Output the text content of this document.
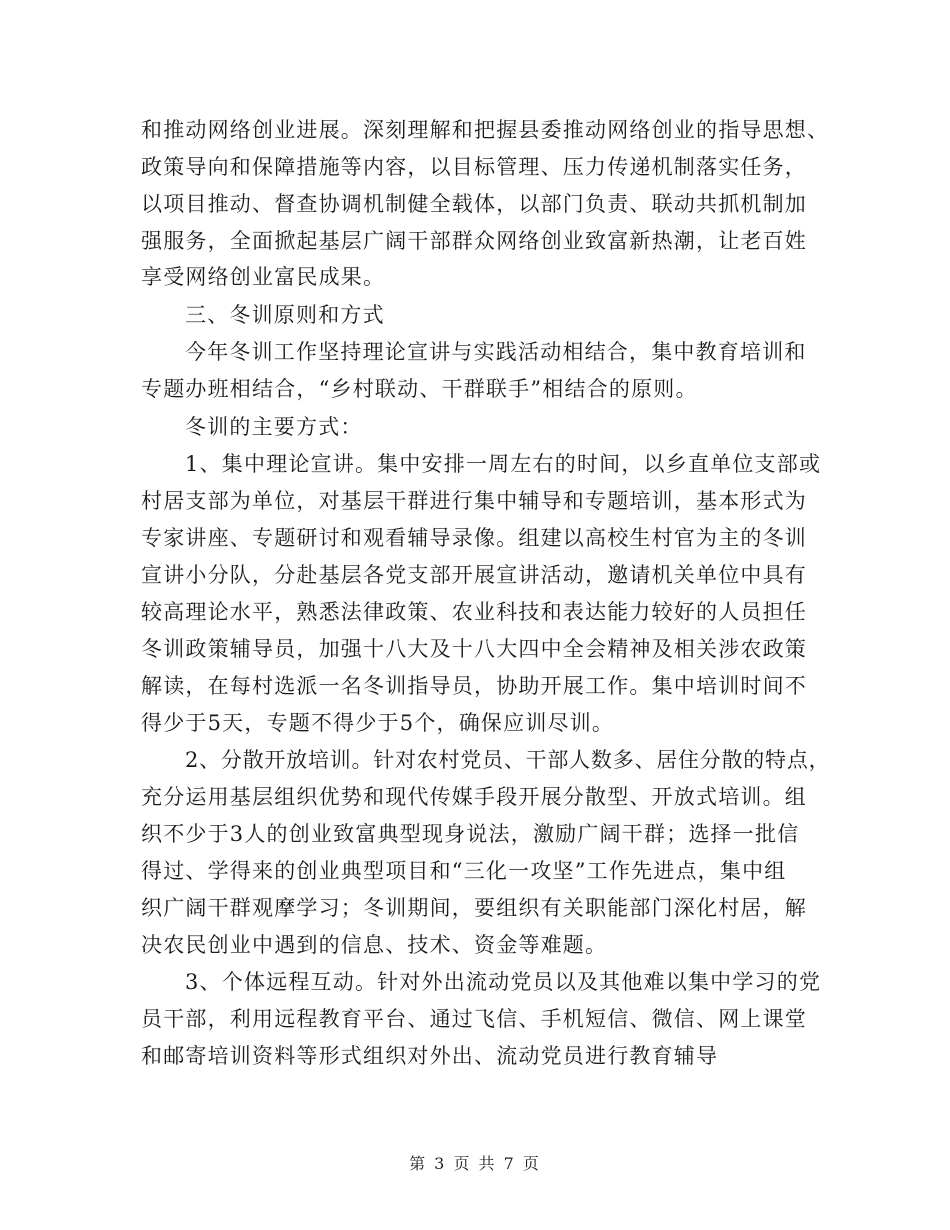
和推动网络创业进展。深刻理解和把握县委推动网络创业的指导思想、
政策导向和保障措施等内容，以目标管理、压力传递机制落实任务，
以项目推动、督查协调机制健全载体，以部门负责、联动共抓机制加
强服务，全面掀起基层广阔干部群众网络创业致富新热潮，让老百姓
享受网络创业富民成果。
三、冬训原则和方式
今年冬训工作坚持理论宣讲与实践活动相结合，集中教育培训和
专题办班相结合，“乡村联动、干群联手”相结合的原则。
冬训的主要方式：
1、集中理论宣讲。集中安排一周左右的时间，以乡直单位支部或
村居支部为单位，对基层干群进行集中辅导和专题培训，基本形式为
专家讲座、专题研讨和观看辅导录像。组建以高校生村官为主的冬训
宣讲小分队，分赴基层各党支部开展宣讲活动，邀请机关单位中具有
较高理论水平，熟悉法律政策、农业科技和表达能力较好的人员担任
冬训政策辅导员，加强十八大及十八大四中全会精神及相关涉农政策
解读，在每村选派一名冬训指导员，协助开展工作。集中培训时间不
得少于5天，专题不得少于5个，确保应训尽训。
2、分散开放培训。针对农村党员、干部人数多、居住分散的特点，
充分运用基层组织优势和现代传媒手段开展分散型、开放式培训。组
织不少于3人的创业致富典型现身说法，激励广阔干群；选择一批信
得过、学得来的创业典型项目和“三化一攻坚”工作先进点，集中组
织广阔干群观摩学习；冬训期间，要组织有关职能部门深化村居，解
决农民创业中遇到的信息、技术、资金等难题。
3、个体远程互动。针对外出流动党员以及其他难以集中学习的党
员干部，利用远程教育平台、通过飞信、手机短信、微信、网上课堂
和邮寄培训资料等形式组织对外出、流动党员进行教育辅导
第 3 页 共 7 页
